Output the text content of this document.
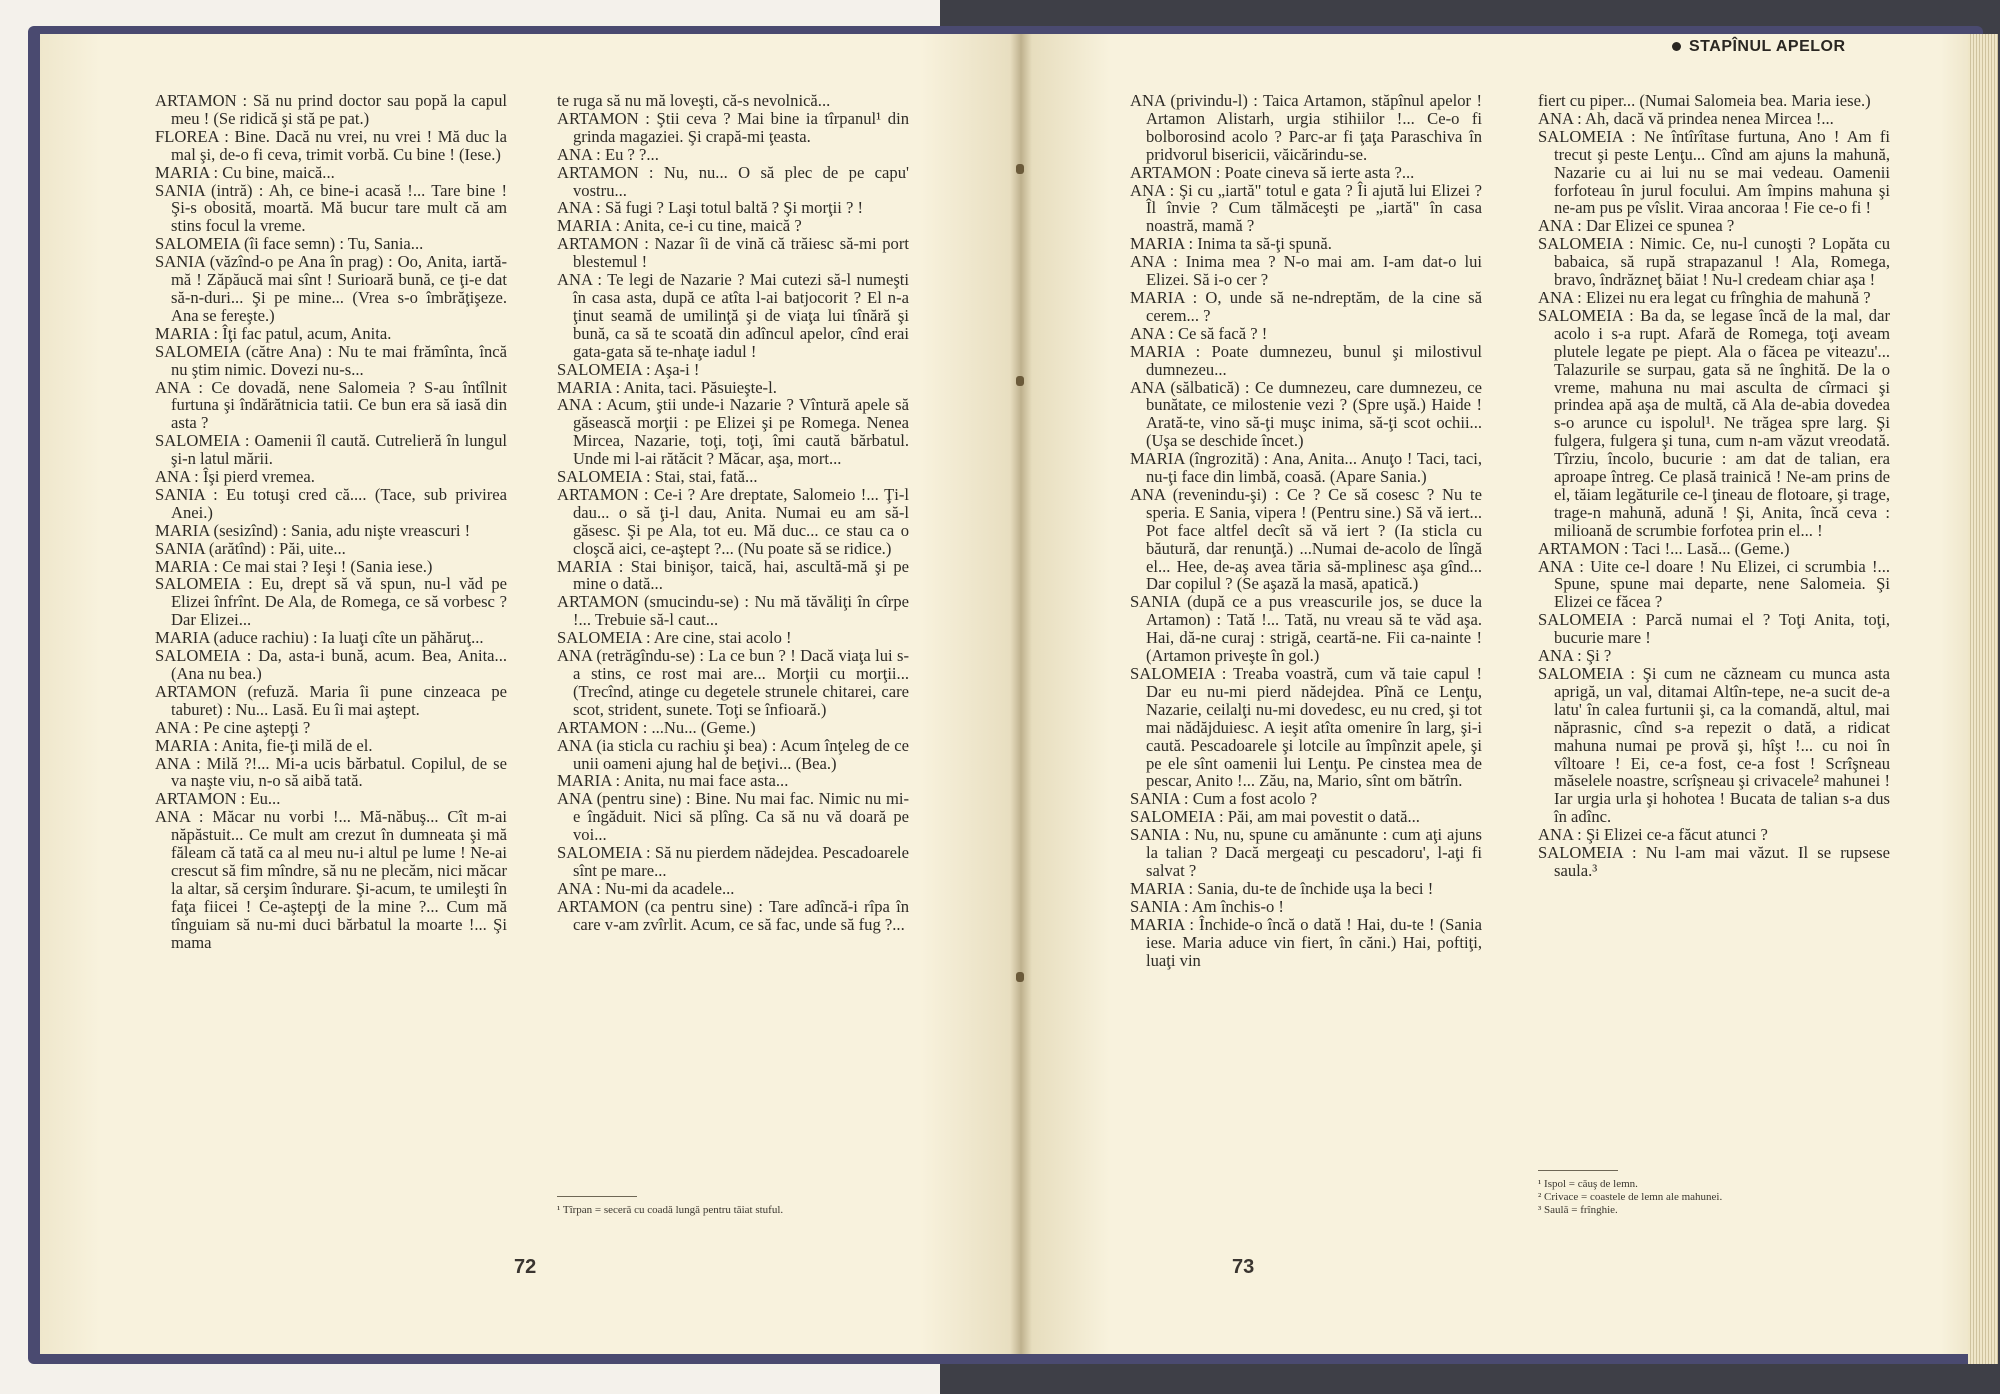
ARTAMON : Să nu prind doctor sau popă la capul meu ! (Se ridică şi stă pe pat.)

FLOREA : Bine. Dacă nu vrei, nu vrei ! Mă duc la mal şi, de-o fi ceva, trimit vorbă. Cu bine ! (Iese.)

MARIA : Cu bine, maică...

SANIA (intră) : Ah, ce bine-i acasă !... Tare bine ! Şi-s obosită, moartă. Mă bucur tare mult că am stins focul la vreme.

SALOMEIA (îi face semn) : Tu, Sania...

SANIA (văzînd-o pe Ana în prag) : Oo, Anita, iartă-mă ! Zăpăucă mai sînt ! Surioară bună, ce ţi-e dat să-n-duri... Şi pe mine... (Vrea s-o îmbrăţişeze. Ana se fereşte.)

MARIA : Îţi fac patul, acum, Anita.

SALOMEIA (către Ana) : Nu te mai frămînta, încă nu ştim nimic. Dovezi nu-s...

ANA : Ce dovadă, nene Salomeia ? S-au întîlnit furtuna şi îndărătnicia tatii. Ce bun era să iasă din asta ?

SALOMEIA : Oamenii îl caută. Cutrelieră în lungul şi-n latul mării.

ANA : Îşi pierd vremea.

SANIA : Eu totuşi cred că.... (Tace, sub privirea Anei.)

MARIA (sesizînd) : Sania, adu nişte vreascuri !

SANIA (arătînd) : Păi, uite...

MARIA : Ce mai stai ? Ieşi ! (Sania iese.)

SALOMEIA : Eu, drept să vă spun, nu-l văd pe Elizei înfrînt. De Ala, de Romega, ce să vorbesc ? Dar Elizei...

MARIA (aduce rachiu) : Ia luaţi cîte un păhăruţ...

SALOMEIA : Da, asta-i bună, acum. Bea, Anita... (Ana nu bea.)

ARTAMON (refuză. Maria îi pune cinzeaca pe taburet) : Nu... Lasă. Eu îi mai aştept.

ANA : Pe cine aştepţi ?

MARIA : Anita, fie-ţi milă de el.

ANA : Milă ?!... Mi-a ucis bărbatul. Copilul, de se va naşte viu, n-o să aibă tată.

ARTAMON : Eu...

ANA : Măcar nu vorbi !... Mă-năbuş... Cît m-ai năpăstuit... Ce mult am crezut în dumneata şi mă făleam că tată ca al meu nu-i altul pe lume ! Ne-ai crescut să fim mîndre, să nu ne plecăm, nici măcar la altar, să cerşim îndurare. Şi-acum, te umileşti în faţa fiicei ! Ce-aştepţi de la mine ?... Cum mă tînguiam să nu-mi duci bărbatul la moarte !... Şi mama

te ruga să nu mă loveşti, că-s nevolnică...

ARTAMON : Ştii ceva ? Mai bine ia tîrpanul¹ din grinda magaziei. Şi crapă-mi ţeasta.

ANA : Eu ? ?...

ARTAMON : Nu, nu... O să plec de pe capu' vostru...

ANA : Să fugi ? Laşi totul baltă ? Şi morţii ? !

MARIA : Anita, ce-i cu tine, maică ?

ARTAMON : Nazar îi de vină că trăiesc să-mi port blestemul !

ANA : Te legi de Nazarie ? Mai cutezi să-l numeşti în casa asta, după ce atîta l-ai batjocorit ? El n-a ţinut seamă de umilinţă şi de viaţa lui tînără şi bună, ca să te scoată din adîncul apelor, cînd erai gata-gata să te-nhaţe iadul !

SALOMEIA : Aşa-i !

MARIA : Anita, taci. Păsuieşte-l.

ANA : Acum, ştii unde-i Nazarie ? Vîntură apele să găsească morţii : pe Elizei şi pe Romega. Nenea Mircea, Nazarie, toţi, toţi, îmi caută bărbatul. Unde mi l-ai rătăcit ? Măcar, aşa, mort...

SALOMEIA : Stai, stai, fată...

ARTAMON : Ce-i ? Are dreptate, Salomeio !... Ţi-l dau... o să ţi-l dau, Anita. Numai eu am să-l găsesc. Şi pe Ala, tot eu. Mă duc... ce stau ca o cloşcă aici, ce-aştept ?... (Nu poate să se ridice.)

MARIA : Stai binişor, taică, hai, ascultă-mă şi pe mine o dată...

ARTAMON (smucindu-se) : Nu mă tăvăliţi în cîrpe !... Trebuie să-l caut...

SALOMEIA : Are cine, stai acolo !

ANA (retrăgîndu-se) : La ce bun ? ! Dacă viaţa lui s-a stins, ce rost mai are... Morţii cu morţii... (Trecînd, atinge cu degetele strunele chitarei, care scot, strident, sunete. Toţi se înfioară.)

ARTAMON : ...Nu... (Geme.)

ANA (ia sticla cu rachiu şi bea) : Acum înţeleg de ce unii oameni ajung hal de beţivi... (Bea.)

MARIA : Anita, nu mai face asta...

ANA (pentru sine) : Bine. Nu mai fac. Nimic nu mi-e îngăduit. Nici să plîng. Ca să nu vă doară pe voi...

SALOMEIA : Să nu pierdem nădejdea. Pescadoarele sînt pe mare...

ANA : Nu-mi da acadele...

ARTAMON (ca pentru sine) : Tare adîncă-i rîpa în care v-am zvîrlit. Acum, ce să fac, unde să fug ?...

¹ Tîrpan = seceră cu coadă lungă pentru tăiat stuful.
72
STAPÎNUL APELOR

ANA (privindu-l) : Taica Artamon, stăpînul apelor ! Artamon Alistarh, urgia stihiilor !... Ce-o fi bolborosind acolo ? Parc-ar fi ţaţa Paraschiva în pridvorul bisericii, văicărindu-se.

ARTAMON : Poate cineva să ierte asta ?...

ANA : Şi cu „iartă" totul e gata ? Îi ajută lui Elizei ? Îl învie ? Cum tălmăceşti pe „iartă" în casa noastră, mamă ?

MARIA : Inima ta să-ţi spună.

ANA : Inima mea ? N-o mai am. I-am dat-o lui Elizei. Să i-o cer ?

MARIA : O, unde să ne-ndreptăm, de la cine să cerem... ?

ANA : Ce să facă ? !

MARIA : Poate dumnezeu, bunul şi milostivul dumnezeu...

ANA (sălbatică) : Ce dumnezeu, care dumnezeu, ce bunătate, ce milostenie vezi ? (Spre uşă.) Haide ! Arată-te, vino să-ţi muşc inima, să-ţi scot ochii... (Uşa se deschide încet.)

MARIA (îngrozită) : Ana, Anita... Anuţo ! Taci, taci, nu-ţi face din limbă, coasă. (Apare Sania.)

ANA (revenindu-şi) : Ce ? Ce să cosesc ? Nu te speria. E Sania, vipera ! (Pentru sine.) Să vă iert... Pot face altfel decît să vă iert ? (Ia sticla cu băutură, dar renunţă.) ...Numai de-acolo de lîngă el... Hee, de-aş avea tăria să-mplinesc aşa gînd... Dar copilul ? (Se aşază la masă, apatică.)

SANIA (după ce a pus vreascurile jos, se duce la Artamon) : Tată !... Tată, nu vreau să te văd aşa. Hai, dă-ne curaj : strigă, ceartă-ne. Fii ca-nainte ! (Artamon priveşte în gol.)

SALOMEIA : Treaba voastră, cum vă taie capul ! Dar eu nu-mi pierd nădejdea. Pînă ce Lenţu, Nazarie, ceilalţi nu-mi dovedesc, eu nu cred, şi tot mai nădăjduiesc. A ieşit atîta omenire în larg, şi-i caută. Pescadoarele şi lotcile au împînzit apele, şi pe ele sînt oamenii lui Lenţu. Pe cinstea mea de pescar, Anito !... Zău, na, Mario, sînt om bătrîn.

SANIA : Cum a fost acolo ?

SALOMEIA : Păi, am mai povestit o dată...

SANIA : Nu, nu, spune cu amănunte : cum aţi ajuns la talian ? Dacă mergeaţi cu pescadoru', l-aţi fi salvat ?

MARIA : Sania, du-te de închide uşa la beci !

SANIA : Am închis-o !

MARIA : Închide-o încă o dată ! Hai, du-te ! (Sania iese. Maria aduce vin fiert, în căni.) Hai, poftiţi, luaţi vin

fiert cu piper... (Numai Salomeia bea. Maria iese.)

ANA : Ah, dacă vă prindea nenea Mircea !...

SALOMEIA : Ne întîrîtase furtuna, Ano ! Am fi trecut şi peste Lenţu... Cînd am ajuns la mahună, Nazarie cu ai lui nu se mai vedeau. Oamenii forfoteau în jurul focului. Am împins mahuna şi ne-am pus pe vîslit. Viraa ancoraa ! Fie ce-o fi !

ANA : Dar Elizei ce spunea ?

SALOMEIA : Nimic. Ce, nu-l cunoşti ? Lopăta cu babaica, să rupă strapazanul ! Ala, Romega, bravo, îndrăzneţ băiat ! Nu-l credeam chiar aşa !

ANA : Elizei nu era legat cu frînghia de mahună ?

SALOMEIA : Ba da, se legase încă de la mal, dar acolo i s-a rupt. Afară de Romega, toţi aveam plutele legate pe piept. Ala o făcea pe viteazu'... Talazurile se surpau, gata să ne înghită. De la o vreme, mahuna nu mai asculta de cîrmaci şi prindea apă aşa de multă, că Ala de-abia dovedea s-o arunce cu ispolul¹. Ne trăgea spre larg. Şi fulgera, fulgera şi tuna, cum n-am văzut vreodată. Tîrziu, încolo, bucurie : am dat de talian, era aproape întreg. Ce plasă trainică ! Ne-am prins de el, tăiam legăturile ce-l ţineau de flotoare, şi trage, trage-n mahună, adună ! Şi, Anita, încă ceva : milioană de scrumbie forfotea prin el... !

ARTAMON : Taci !... Lasă... (Geme.)

ANA : Uite ce-l doare ! Nu Elizei, ci scrumbia !... Spune, spune mai departe, nene Salomeia. Şi Elizei ce făcea ?

SALOMEIA : Parcă numai el ? Toţi Anita, toţi, bucurie mare !

ANA : Şi ?

SALOMEIA : Şi cum ne căzneam cu munca asta aprigă, un val, ditamai Altîn-tepe, ne-a sucit de-a latu' în calea furtunii şi, ca la comandă, altul, mai năprasnic, cînd s-a repezit o dată, a ridicat mahuna numai pe provă şi, hîşt !... cu noi în vîltoare ! Ei, ce-a fost, ce-a fost ! Scrîşneau măselele noastre, scrîşneau şi crivacele² mahunei ! Iar urgia urla şi hohotea ! Bucata de talian s-a dus în adînc.

ANA : Şi Elizei ce-a făcut atunci ?

SALOMEIA : Nu l-am mai văzut. Il se rupsese saula.³

¹ Ispol = căuş de lemn.
² Crivace = coastele de lemn ale mahunei.
³ Saulă = frînghie.
73
